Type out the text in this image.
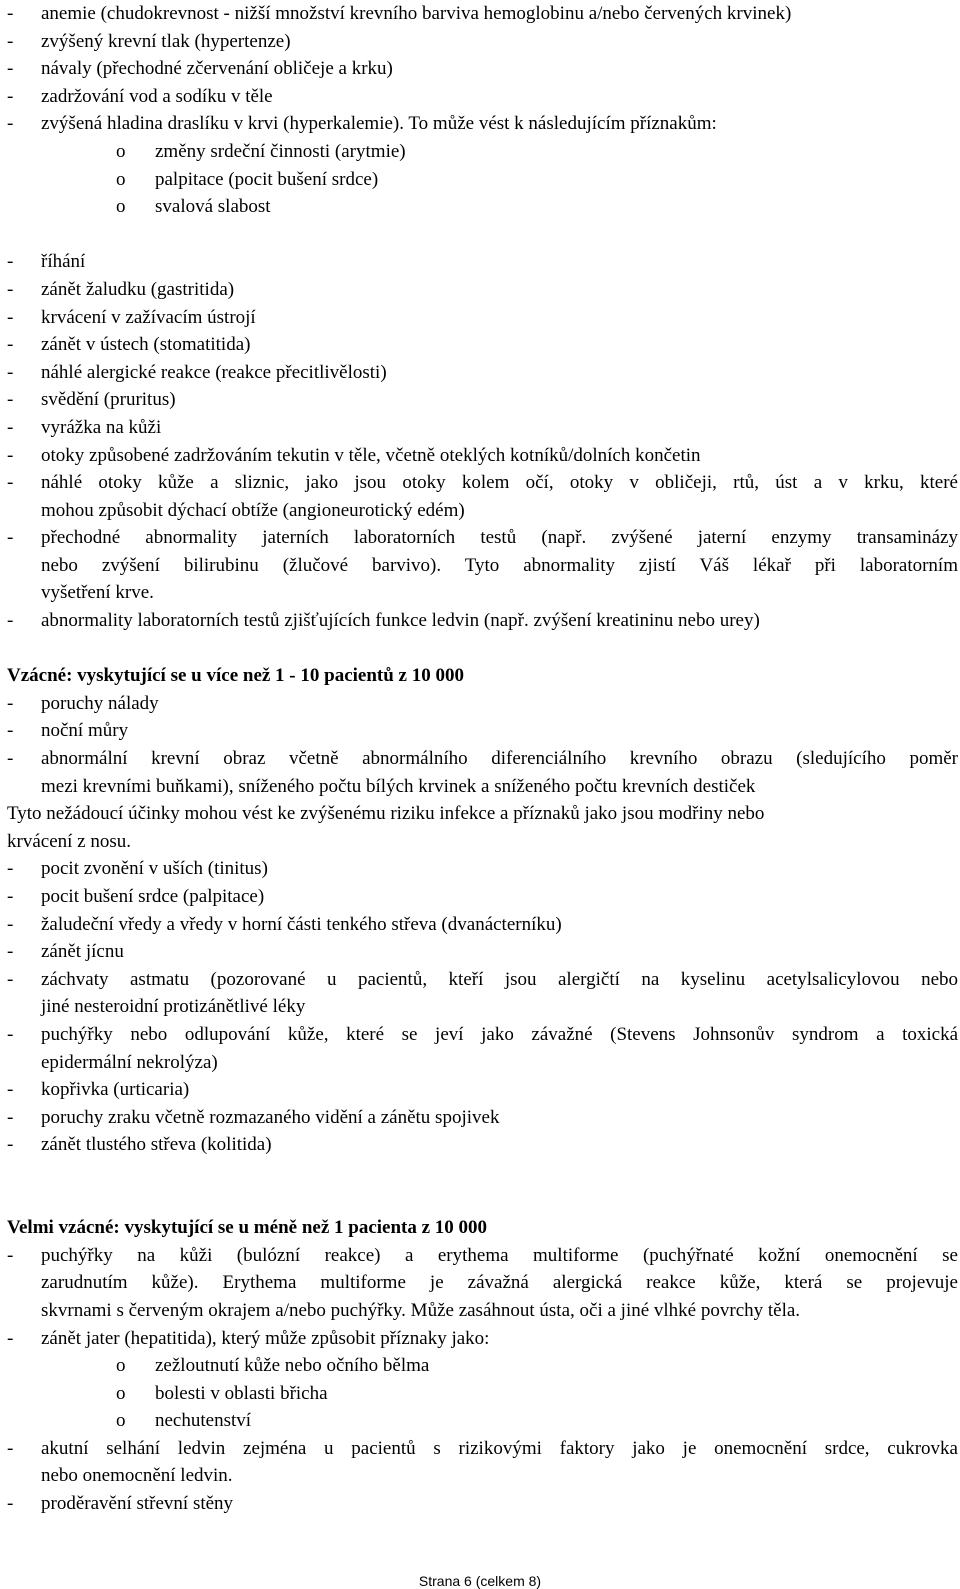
- anemie (chudokrevnost - nižší množství krevního barviva hemoglobinu a/nebo červených krvinek)
- zvýšený krevní tlak (hypertenze)
- návaly (přechodné zčervenání obličeje a krku)
- zadržování vod a sodíku v těle
- zvýšená hladina draslíku v krvi (hyperkalemie). To může vést k následujícím příznakům:
o změny srdeční činnosti (arytmie)
o palpitace (pocit bušení srdce)
o svalová slabost
- říhání
- zánět žaludku (gastritida)
- krvácení v zažívacím ústrojí
- zánět v ústech (stomatitida)
- náhlé alergické reakce (reakce přecitlivělosti)
- svědění (pruritus)
- vyrážka na kůži
- otoky způsobené zadržováním tekutin v těle, včetně oteklých kotníků/dolních končetin
- náhlé otoky kůže a sliznic, jako jsou otoky kolem očí, otoky v obličeji, rtů, úst a v krku, které
mohou způsobit dýchací obtíže (angioneurotický edém)
- přechodné abnormality jaterních laboratorních testů (např. zvýšené jaterní enzymy transaminázy
nebo zvýšení bilirubinu (žlučové barvivo). Tyto abnormality zjistí Váš lékař při laboratorním
vyšetření krve.
- abnormality laboratorních testů zjišťujících funkce ledvin (např. zvýšení kreatininu nebo urey)
Vzácné: vyskytující se u více než 1 - 10 pacientů z 10 000
- poruchy nálady
- noční můry
- abnormální krevní obraz včetně abnormálního diferenciálního krevního obrazu (sledujícího poměr
mezi krevními buňkami), sníženého počtu bílých krvinek a sníženého počtu krevních destiček
Tyto nežádoucí účinky mohou vést ke zvýšenému riziku infekce a příznaků jako jsou modřiny nebo
krvácení z nosu.
- pocit zvonění v uších (tinitus)
- pocit bušení srdce (palpitace)
- žaludeční vředy a vředy v horní části tenkého střeva (dvanácterníku)
- zánět jícnu
- záchvaty astmatu (pozorované u pacientů, kteří jsou alergičtí na kyselinu acetylsalicylovou nebo
jiné nesteroidní protizánětlivé léky
- puchýřky nebo odlupování kůže, které se jeví jako závažné (Stevens Johnsonův syndrom a toxická
epidermální nekrolýza)
- kopřivka (urticaria)
- poruchy zraku včetně rozmazaného vidění a zánětu spojivek
- zánět tlustého střeva (kolitida)
Velmi vzácné: vyskytující se u méně než 1 pacienta z 10 000
- puchýřky na kůži (bulózní reakce) a erythema multiforme (puchýřnaté kožní onemocnění se
zarudnutím kůže). Erythema multiforme je závažná alergická reakce kůže, která se projevuje
skvrnami s červeným okrajem a/nebo puchýřky. Může zasáhnout ústa, oči a jiné vlhké povrchy těla.
- zánět jater (hepatitida), který může způsobit příznaky jako:
o zežloutnutí kůže nebo očního bělma
o bolesti v oblasti břicha
o nechutenství
- akutní selhání ledvin zejména u pacientů s rizikovými faktory jako je onemocnění srdce, cukrovka
nebo onemocnění ledvin.
- proděravění střevní stěny
Strana 6 (celkem 8)
